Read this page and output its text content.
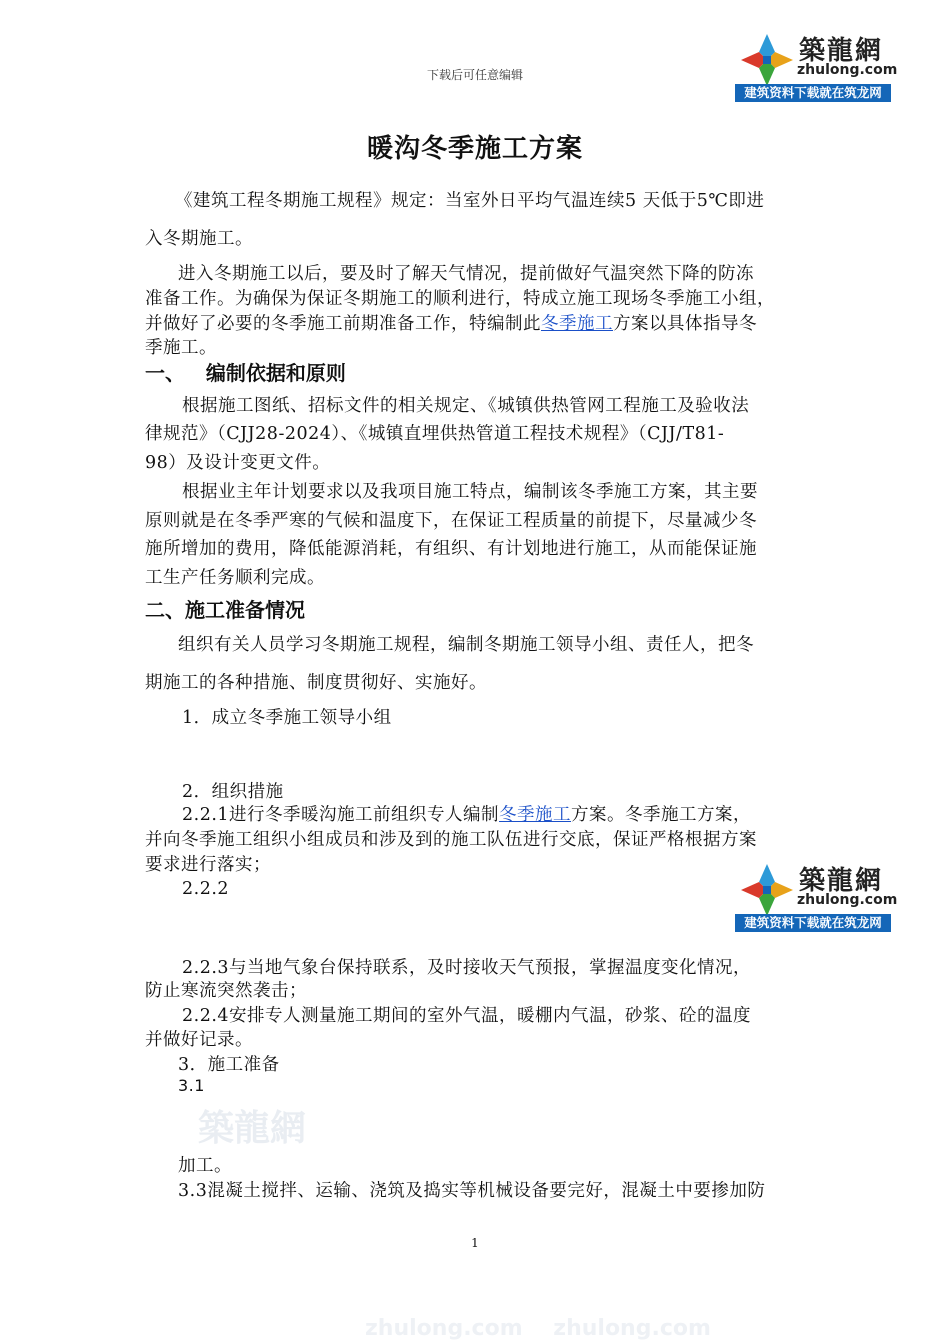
下载后可任意编辑
築龍網
zhulong.com
建筑资料下载就在筑龙网
暖沟冬季施工方案
《建筑工程冬期施工规程》规定：当室外日平均气温连续5 天低于5℃即进
入冬期施工。
进入冬期施工以后，要及时了解天气情况，提前做好气温突然下降的防冻
准备工作。为确保为保证冬期施工的顺利进行，特成立施工现场冬季施工小组，
并做好了必要的冬季施工前期准备工作，特编制此冬季施工方案以具体指导冬
季施工。
一、   编制依据和原则
根据施工图纸、招标文件的相关规定、《城镇供热管网工程施工及验收法
律规范》（CJJ28-2024）、《城镇直埋供热管道工程技术规程》（CJJ/T81-
98）及设计变更文件。
根据业主年计划要求以及我项目施工特点，编制该冬季施工方案，其主要
原则就是在冬季严寒的气候和温度下，在保证工程质量的前提下，尽量减少冬
施所增加的费用，降低能源消耗，有组织、有计划地进行施工，从而能保证施
工生产任务顺利完成。
二、施工准备情况
组织有关人员学习冬期施工规程，编制冬期施工领导小组、责任人，把冬
期施工的各种措施、制度贯彻好、实施好。
1．成立冬季施工领导小组
2．组织措施
2.2.1进行冬季暖沟施工前组织专人编制冬季施工方案。冬季施工方案，
并向冬季施工组织小组成员和涉及到的施工队伍进行交底，保证严格根据方案
要求进行落实；
2.2.2	築龍網
zhulong.com
建筑资料下载就在筑龙网
2.2.3与当地气象台保持联系，及时接收天气预报，掌握温度变化情况，
防止寒流突然袭击；
2.2.4安排专人测量施工期间的室外气温，暖棚内气温，砂浆、砼的温度
并做好记录。
3．施工准备
3.1
築龍網
加工。
3.3混凝土搅拌、运输、浇筑及捣实等机械设备要完好，混凝土中要掺加防
1
zhulong.com    zhulong.com
